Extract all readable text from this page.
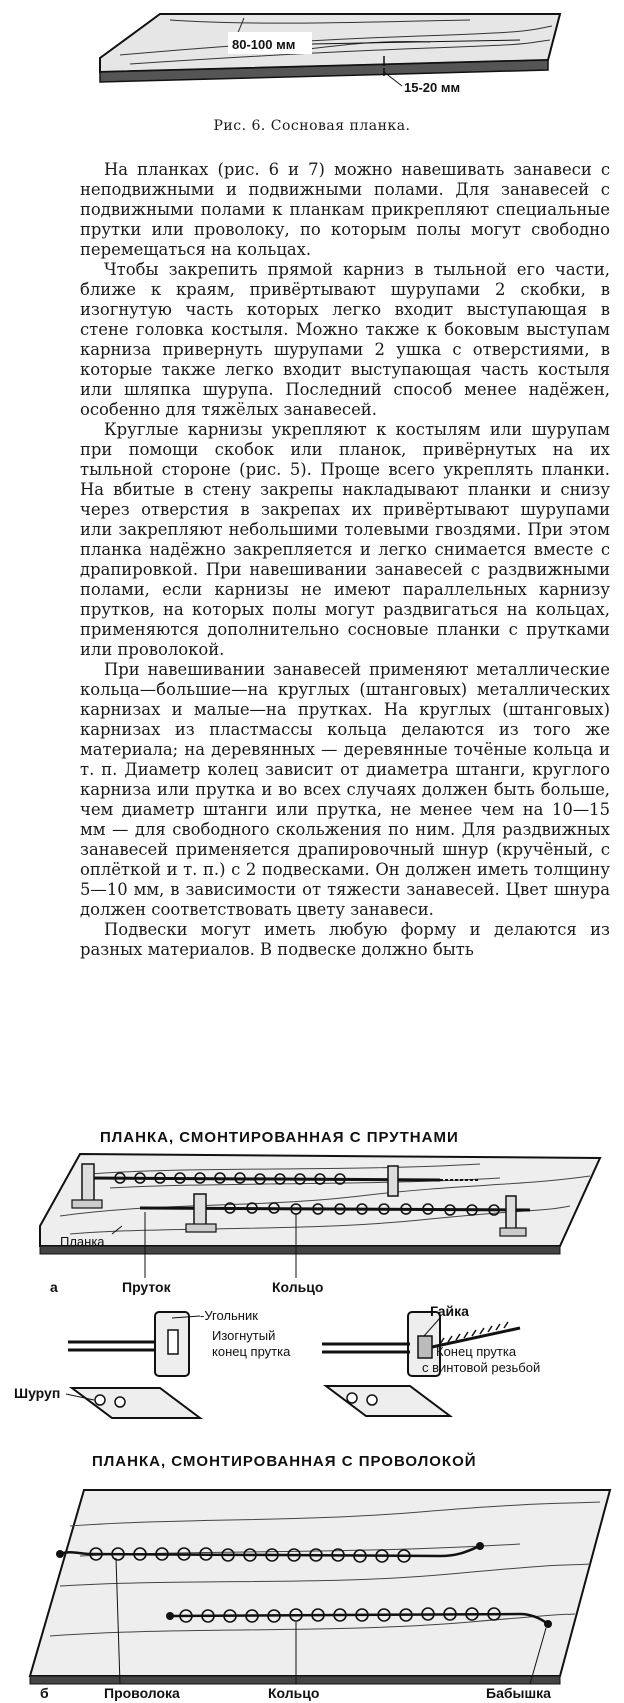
80-100 мм
15-20 мм
Рис. 6. Сосновая планка.

На планках (рис. 6 и 7) можно навешивать занавеси с неподвижными и подвижными полами. Для занавесей с подвижными полами к планкам прикрепляют специальные прутки или проволоку, по которым полы могут свободно перемещаться на кольцах.

Чтобы закрепить прямой карниз в тыльной его части, ближе к краям, привёртывают шурупами 2 скобки, в изогнутую часть которых легко входит выступающая в стене головка костыля. Можно также к боковым выступам карниза привернуть шурупами 2 ушка с отверстиями, в которые также легко входит выступающая часть костыля или шляпка шурупа. Последний способ менее надёжен, особенно для тяжёлых занавесей.

Круглые карнизы укрепляют к костылям или шурупам при помощи скобок или планок, привёрнутых на их тыльной стороне (рис. 5). Проще всего укреплять планки. На вбитые в стену закрепы накладывают планки и снизу через отверстия в закрепах их привёртывают шурупами или закрепляют небольшими толевыми гвоздями. При этом планка надёжно закрепляется и легко снимается вместе с драпировкой. При навешивании занавесей с раздвижными полами, если карнизы не имеют параллельных карнизу прутков, на которых полы могут раздвигаться на кольцах, применяются дополнительно сосновые планки с прутками или проволокой.

При навешивании занавесей применяют металлические кольца—большие—на круглых (штанговых) металлических карнизах и малые—на прутках. На круглых (штанговых) карнизах из пластмассы кольца делаются из того же материала; на деревянных — деревянные точёные кольца и т. п. Диаметр колец зависит от диаметра штанги, круглого карниза или прутка и во всех случаях должен быть больше, чем диаметр штанги или прутка, не менее чем на 10—15 мм — для свободного скольжения по ним. Для раздвижных занавесей применяется драпировочный шнур (кручёный, с оплёткой и т. п.) с 2 подвесками. Он должен иметь толщину 5—10 мм, в зависимости от тяжести занавесей. Цвет шнура должен соответствовать цвету занавеси.

Подвески могут иметь любую форму и делаются из разных материалов. В подвеске должно быть

ПЛАНКА, СМОНТИРОВАННАЯ С ПРУТНАМИ
Планка
а	Пруток	Кольцо
-Угольник
Изогнутый
конец прутка
Гайка
Конец прутка
с винтовой резьбой
Шуруп
ПЛАНКА, СМОНТИРОВАННАЯ С ПРОВОЛОКОЙ
б	Проволока	Кольцо	Бабышка
